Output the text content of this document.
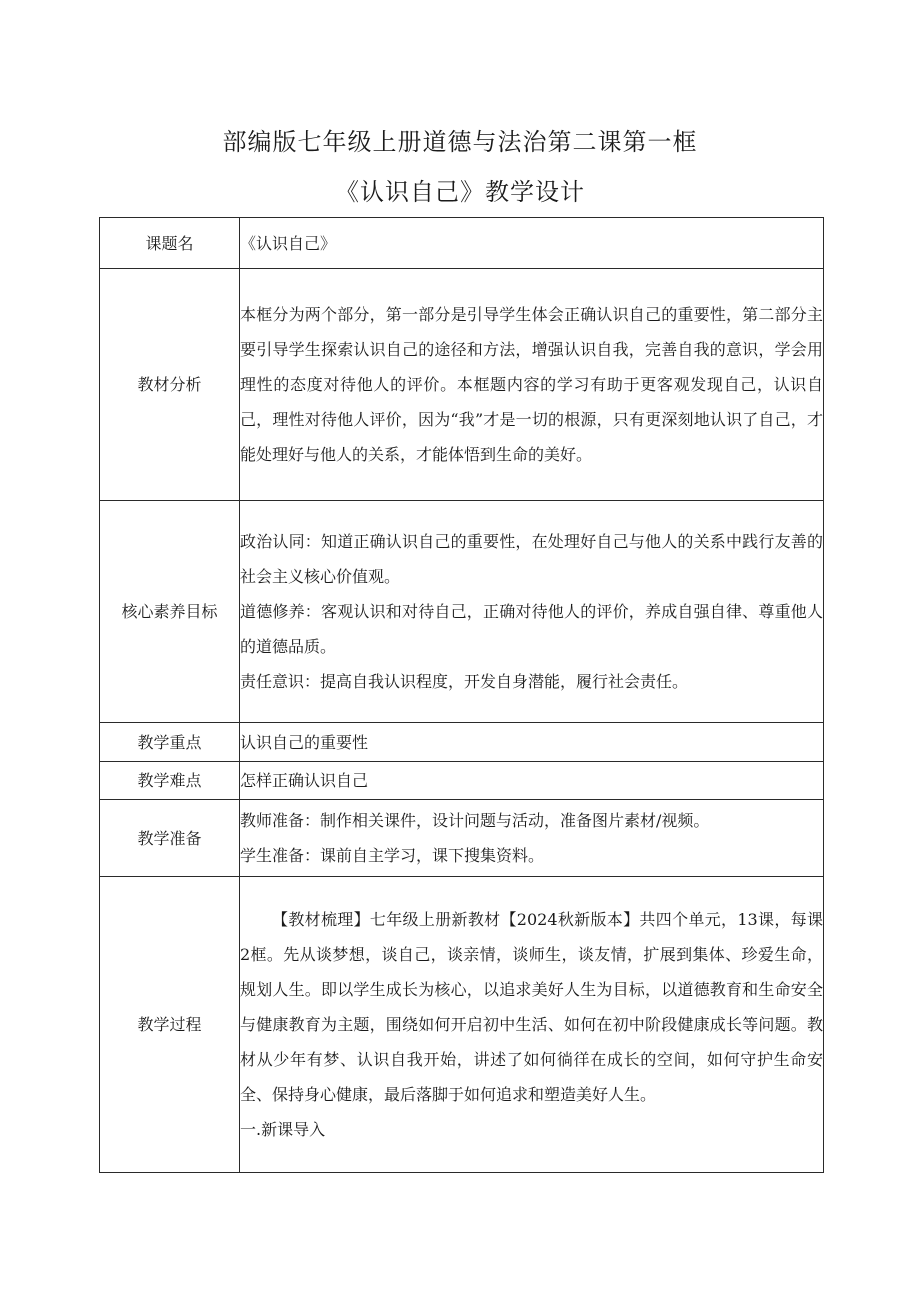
部编版七年级上册道德与法治第二课第一框
《认识自己》教学设计
课题名	《认识自己》
教材分析	本框分为两个部分，第一部分是引导学生体会正确认识自己的重要性，第二部分主要引导学生探索认识自己的途径和方法，增强认识自我，完善自我的意识，学会用理性的态度对待他人的评价。本框题内容的学习有助于更客观发现自己，认识自己，理性对待他人评价，因为“我”才是一切的根源，只有更深刻地认识了自己，才能处理好与他人的关系，才能体悟到生命的美好。

核心素养目标	政治认同：知道正确认识自己的重要性，在处理好自己与他人的关系中践行友善的社会主义核心价值观。

道德修养：客观认识和对待自己，正确对待他人的评价，养成自强自律、尊重他人的道德品质。

责任意识：提高自我认识程度，开发自身潜能，履行社会责任。

教学重点	认识自己的重要性
教学难点	怎样正确认识自己
教学准备	教师准备：制作相关课件，设计问题与活动，准备图片素材/视频。

学生准备：课前自主学习，课下搜集资料。

教学过程	【教材梳理】七年级上册新教材【2024秋新版本】共四个单元，13课，每课2框。先从谈梦想，谈自己，谈亲情，谈师生，谈友情，扩展到集体、珍爱生命，规划人生。即以学生成长为核心，以追求美好人生为目标，以道德教育和生命安全与健康教育为主题，围绕如何开启初中生活、如何在初中阶段健康成长等问题。教材从少年有梦、认识自我开始，讲述了如何徜徉在成长的空间，如何守护生命安全、保持身心健康，最后落脚于如何追求和塑造美好人生。

一.新课导入
